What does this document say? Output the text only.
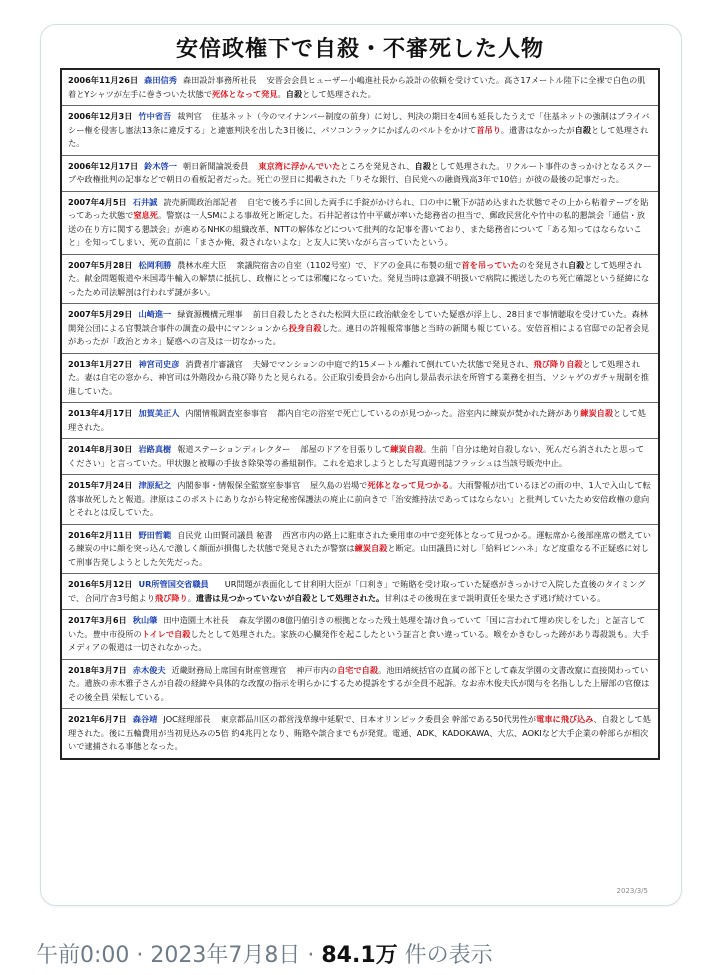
安倍政権下で自殺・不審死した人物
2006年11月26日 森田信秀 森田設計事務所社長 安晋会会員ヒューザー小嶋進社長から設計の依頼を受けていた。高さ17メートル陸下に全裸で白色の肌着とYシャツが左手に巻きついた状態で死体となって発見。自殺として処理された。
2006年12月3日 竹中省吾 裁判官 住基ネット（今のマイナンバー制度の前身）に対し、判決の期日を4回も延長したうえで「住基ネットの強制はプライバシー権を侵害し憲法13条に違反する」と違憲判決を出した3日後に、パソコンラックにかばんのベルトをかけて首吊り。遺書はなかったが自殺として処理された。
2006年12月17日 鈴木啓一 朝日新聞論説委員 東京湾に浮かんでいたところを発見され、自殺として処理された。リクルート事件のきっかけとなるスクープや政権批判の記事などで朝日の看板記者だった。死亡の翌日に掲載された「りそな銀行、自民党への融資残高3年で10倍」が彼の最後の記事だった。
2007年4月5日 石井誠 読売新聞政治部記者 自宅で後ろ手に回した両手に手錠がかけられ、口の中に靴下が詰め込まれた状態でその上から粘着テープを貼ってあった状態で窒息死。警察は一人SMによる事故死と断定した。石井記者は竹中平蔵が率いた総務省の担当で、郵政民営化や竹中の私的懇談会「通信・放送の在り方に関する懇談会」が進めるNHKの組織改革、NTTの解体などについて批判的な記事を書いており、また総務省について「ある知ってはならないこと」を知ってしまい、死の直前に「まさか俺、殺されないよな」と友人に笑いながら言っていたという。
2007年5月28日 松岡利勝 農林水産大臣 衆議院宿舎の自室（1102号室）で、ドアの金具に布製の紐で首を吊っていたのを発見され自殺として処理された。献金問題報道や米国毒牛輸入の解禁に抵抗し、政権にとっては邪魔になっていた。発見当時は意識不明扱いで病院に搬送したのち死亡確認という経緯になったため司法解剖は行われず謎が多い。
2007年5月29日 山崎進一 緑資源機構元理事 前日自殺したとされた松岡大臣に政治献金をしていた疑惑が浮上し、28日まで事情聴取を受けていた。森林開発公団による官製談合事件の調査の最中にマンションから投身自殺した。連日の許報報常事態と当時の新聞も報じている。安倍首相による官邸での記者会見があったが「政治とカネ」疑惑への言及は一切なかった。
2013年1月27日 神宮司史彦 消費者庁審議官 夫婦でマンションの中庭で約15メートル離れて倒れていた状態で発見され、飛び降り自殺として処理された。妻は自宅の窓から、神宮司は外階段から飛び降りたと見られる。公正取引委員会から出向し景品表示法を所管する業務を担当、ソシャゲのガチャ規制を推進していた。
2013年4月17日 加賀美正人 内閣情報調査室参事官 都内自宅の浴室で死亡しているのが見つかった。浴室内に練炭が焚かれた跡があり練炭自殺として処理された。
2014年8月30日 岩路真樹 報道ステーションディレクター 部屋のドアを目張りして練炭自殺。生前「自分は絶対自殺しない、死んだら消されたと思ってください」と言っていた。甲状腺と被曝の手抜き除染等の番組制作。これを追求しようとした写真週刊誌フラッシュは当該号販売中止。
2015年7月24日 津原紀之 内閣参事・情報保全監察室参事官 屋久島の岩場で死体となって見つかる。大雨警報が出ているほどの雨の中、1人で入山して転落事故死したと報道。津原はこのポストにありながら特定秘密保護法の廃止に前向きで「治安維持法であってはならない」と批判していたため安倍政権の意向とそれとは反していた。
2016年2月11日 野田哲範 自民党 山田賢司議員 秘書 西宮市内の路上に駐車された乗用車の中で変死体となって見つかる。運転席から後部座席の燃えている練炭の中に顔を突っ込んで激しく顔面が損傷した状態で発見されたが警察は練炭自殺と断定。山田議員に対し「給料ピンハネ」など度重なる不正疑惑に対して刑事告発しようとした矢先だった。
2016年5月12日 UR所管国交省職員 UR問題が表面化して甘利明大臣が「口利き」で賄賂を受け取っていた疑惑がきっかけで入院した直後のタイミングで、合同庁舎3号館より飛び降り。遺書は見つかっていないが自殺として処理された。甘利はその後現在まで説明責任を果たさず逃げ続けている。
2017年3月6日 秋山肇 田中造園土木社長 森友学園の8億円値引きの根拠となった残土処理を請け負っていて「国に言われて埋め戻しをした」と証言していた。豊中市役所のトイレで自殺したとして処理された。家族の心臓発作を起こしたという証言と食い違っている。喉をかきむしった跡があり毒殺説も。大手メディアの報道は一切されなかった。
2018年3月7日 赤木俊夫 近畿財務局上席国有財産管理官 神戸市内の自宅で自殺。池田靖統括官の直属の部下として森友学園の文書改竄に直接関わっていた。遺族の赤木雅子さんが自殺の経緯や具体的な改竄の指示を明らかにするため提訴をするが全員不起訴。なお赤木俊夫氏が関与を名指しした上層部の官僚はその後全員 栄転している。
2021年6月7日 森谷靖 JOC経理部長 東京都品川区の都営浅草線中延駅で、日本オリンピック委員会 幹部である50代男性が電車に飛び込み、自殺として処理された。後に五輪費用が当初見込みの5倍 約4兆円となり、賄賂や談合までもが発覚。電通、ADK、KADOKAWA、大広、AOKIなど大手企業の幹部らが相次いで逮捕される事態となった。
2023/3/5
午前0:00 · 2023年7月8日 · 84.1万 件の表示
